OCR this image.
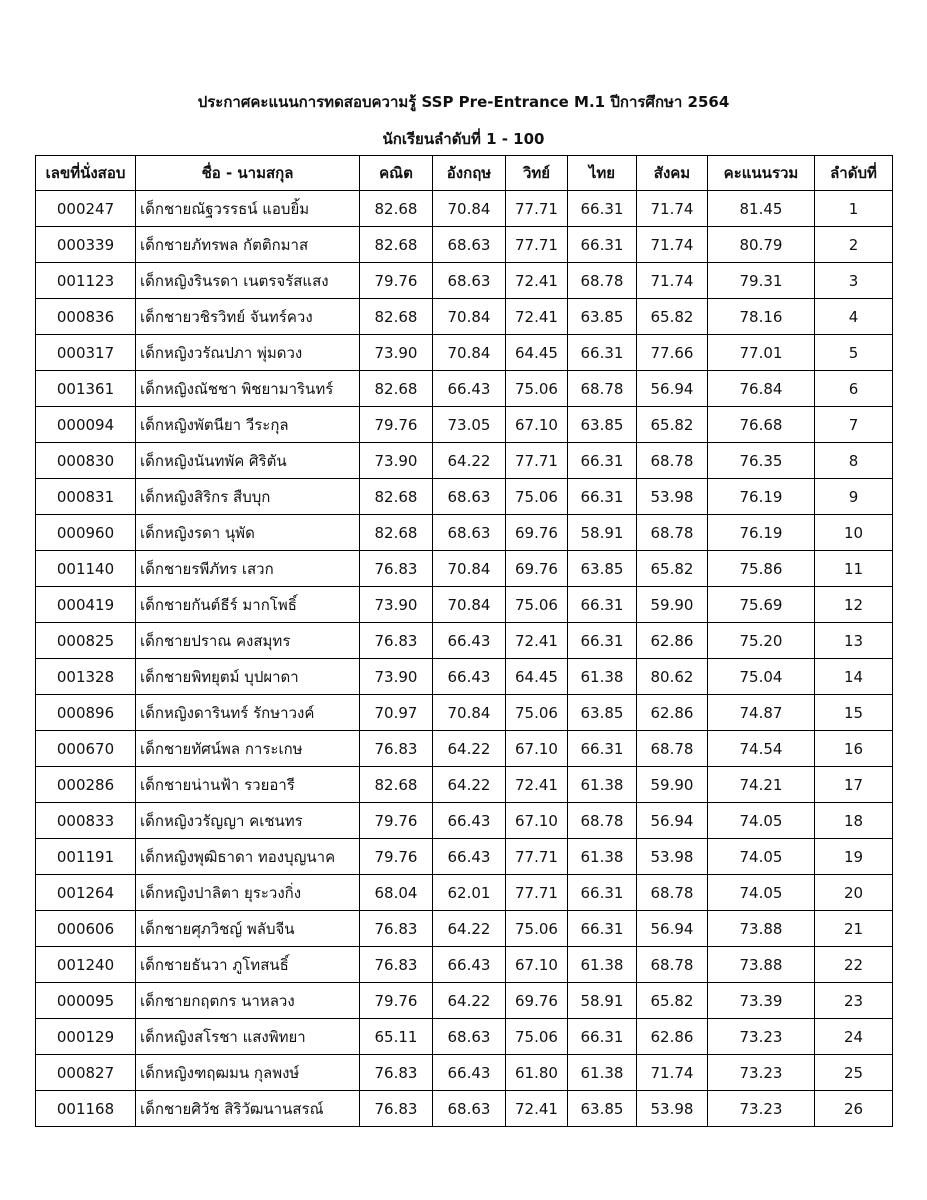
ประกาศคะแนนการทดสอบความรู้ SSP Pre-Entrance M.1 ปีการศึกษา 2564
นักเรียนลำดับที่ 1 - 100
เลขที่นั่งสอบ	ชื่อ - นามสกุล	คณิต	อังกฤษ	วิทย์	ไทย	สังคม	คะแนนรวม	ลำดับที่
000247	เด็กชายณัฐวรรธน์ แอบยิ้ม	82.68	70.84	77.71	66.31	71.74	81.45	1
000339	เด็กชายภัทรพล กัตติกมาส	82.68	68.63	77.71	66.31	71.74	80.79	2
001123	เด็กหญิงรินรดา เนตรจรัสแสง	79.76	68.63	72.41	68.78	71.74	79.31	3
000836	เด็กชายวชิรวิทย์ จันทร์ควง	82.68	70.84	72.41	63.85	65.82	78.16	4
000317	เด็กหญิงวรัณปภา พุ่มดวง	73.90	70.84	64.45	66.31	77.66	77.01	5
001361	เด็กหญิงณัชชา พิชยามารินทร์	82.68	66.43	75.06	68.78	56.94	76.84	6
000094	เด็กหญิงพัตนียา วีระกุล	79.76	73.05	67.10	63.85	65.82	76.68	7
000830	เด็กหญิงนันทพัค ศิริตัน	73.90	64.22	77.71	66.31	68.78	76.35	8
000831	เด็กหญิงสิริกร สืบบุก	82.68	68.63	75.06	66.31	53.98	76.19	9
000960	เด็กหญิงรดา นุพัด	82.68	68.63	69.76	58.91	68.78	76.19	10
001140	เด็กชายรพีภัทร เสวก	76.83	70.84	69.76	63.85	65.82	75.86	11
000419	เด็กชายกันต์ธีร์ มากโพธิ์	73.90	70.84	75.06	66.31	59.90	75.69	12
000825	เด็กชายปราณ คงสมุทร	76.83	66.43	72.41	66.31	62.86	75.20	13
001328	เด็กชายพิทยุตม์ บุปผาดา	73.90	66.43	64.45	61.38	80.62	75.04	14
000896	เด็กหญิงดารินทร์ รักษาวงค์	70.97	70.84	75.06	63.85	62.86	74.87	15
000670	เด็กชายทัศน์พล การะเกษ	76.83	64.22	67.10	66.31	68.78	74.54	16
000286	เด็กชายน่านฟ้า รวยอารี	82.68	64.22	72.41	61.38	59.90	74.21	17
000833	เด็กหญิงวรัญญา คเชนทร	79.76	66.43	67.10	68.78	56.94	74.05	18
001191	เด็กหญิงพุฒิธาดา ทองบุญนาค	79.76	66.43	77.71	61.38	53.98	74.05	19
001264	เด็กหญิงปาลิตา ยุระวงกิ่ง	68.04	62.01	77.71	66.31	68.78	74.05	20
000606	เด็กชายศุภวิชญ์ พลับจีน	76.83	64.22	75.06	66.31	56.94	73.88	21
001240	เด็กชายธันวา ภูโทสนธิ์	76.83	66.43	67.10	61.38	68.78	73.88	22
000095	เด็กชายกฤตกร นาหลวง	79.76	64.22	69.76	58.91	65.82	73.39	23
000129	เด็กหญิงสโรชา แสงพิทยา	65.11	68.63	75.06	66.31	62.86	73.23	24
000827	เด็กหญิงฑฤฒมน กุลพงษ์	76.83	66.43	61.80	61.38	71.74	73.23	25
001168	เด็กชายศิวัช สิริวัฒนานสรณ์	76.83	68.63	72.41	63.85	53.98	73.23	26
